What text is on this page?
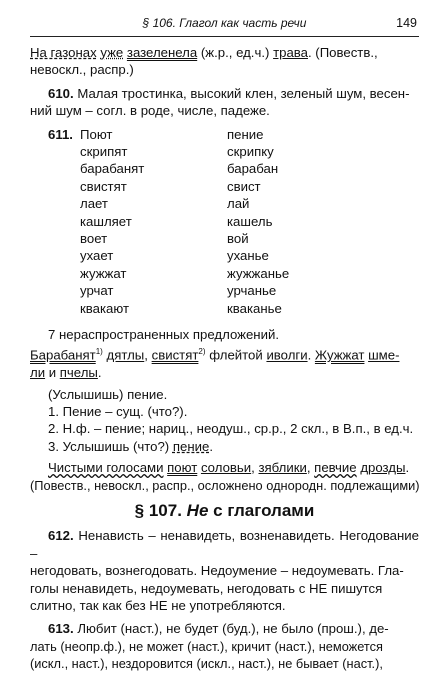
§ 106. Глагол как часть речи	149

На газонах уже зазеленела (ж.р., ед.ч.) трава. (Повеств.,

невоскл., распр.)

610. Малая тростинка, высокий клен, зеленый шум, весен-

ний шум – согл. в роде, числе, падеже.

611. Поют
скрипят
барабанят
свистят
лает
кашляет
воет
ухает
жужжат
урчат
квакают
пение
скрипку
барабан
свист
лай
кашель
вой
уханье
жужжанье
урчанье
кваканье

7 нераспространенных предложений.

Барабанят$^{1)}$ дятлы, свистят$^{2)}$ флейтой иволги. Жужжат шме-

ли и пчелы.

(Услышишь) пение.

1. Пение – сущ. (что?).

2. Н.ф. – пение; нариц., неодуш., ср.р., 2 скл., в В.п., в ед.ч.

3. Услышишь (что?) пение.

Чистыми голосами поют соловьи, зяблики, певчие дрозды.

(Повеств., невоскл., распр., осложнено однородн. подлежащими)

§ 107. Не с глаголами

612. Ненависть – ненавидеть, возненавидеть. Негодование –

негодовать, вознегодовать. Недоумение – недоумевать. Гла-

голы ненавидеть, недоумевать, негодовать с НЕ пишутся

слитно, так как без НЕ не употребляются.

613. Любит (наст.), не будет (буд.), не было (прош.), де-

лать (неопр.ф.), не может (наст.), кричит (наст.), неможется

(искл., наст.), нездоровится (искл., наст.), не бывает (наст.),
